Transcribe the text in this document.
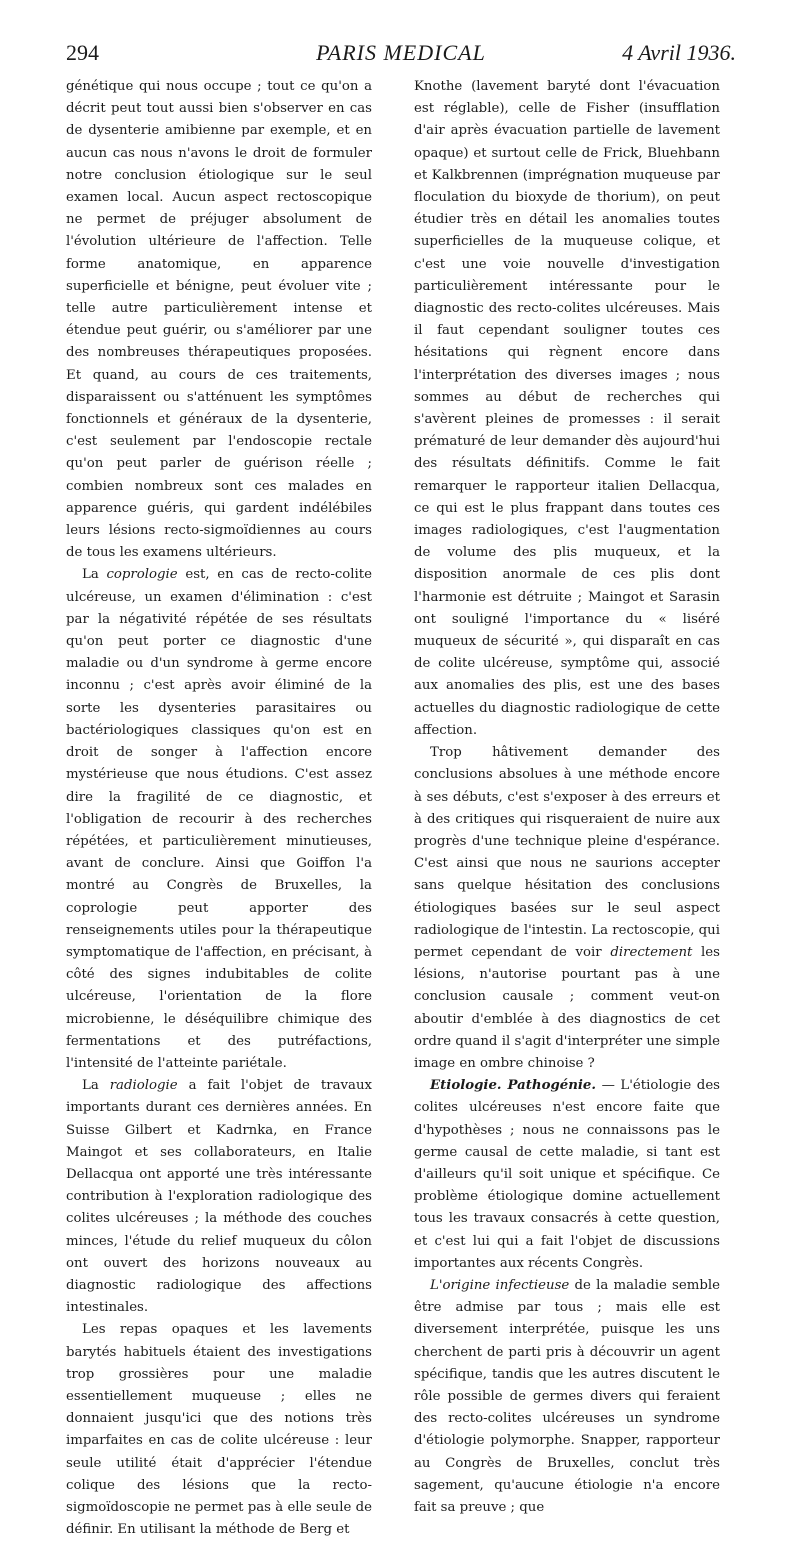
294	PARIS MEDICAL	4 Avril 1936.

génétique qui nous occupe ; tout ce qu'on a décrit peut tout aussi bien s'observer en cas de dysenterie amibienne par exemple, et en aucun cas nous n'avons le droit de formuler notre conclusion étiologique sur le seul examen local. Aucun aspect rectoscopique ne permet de préjuger absolument de l'évolution ultérieure de l'affection. Telle forme anatomique, en apparence superficielle et bénigne, peut évoluer vite ; telle autre particulièrement intense et étendue peut guérir, ou s'améliorer par une des nombreuses thérapeutiques proposées. Et quand, au cours de ces traitements, disparaissent ou s'atténuent les symptômes fonctionnels et généraux de la dysenterie, c'est seulement par l'endoscopie rectale qu'on peut parler de guérison réelle ; combien nombreux sont ces malades en apparence guéris, qui gardent indélébiles leurs lésions recto-sigmoïdiennes au cours de tous les examens ultérieurs.

La coprologie est, en cas de recto-colite ulcéreuse, un examen d'élimination : c'est par la négativité répétée de ses résultats qu'on peut porter ce diagnostic d'une maladie ou d'un syndrome à germe encore inconnu ; c'est après avoir éliminé de la sorte les dysenteries parasitaires ou bactériologiques classiques qu'on est en droit de songer à l'affection encore mystérieuse que nous étudions. C'est assez dire la fragilité de ce diagnostic, et l'obligation de recourir à des recherches répétées, et particulièrement minutieuses, avant de conclure. Ainsi que Goiffon l'a montré au Congrès de Bruxelles, la coprologie peut apporter des renseignements utiles pour la thérapeutique symptomatique de l'affection, en précisant, à côté des signes indubitables de colite ulcéreuse, l'orientation de la flore microbienne, le déséquilibre chimique des fermentations et des putréfactions, l'intensité de l'atteinte pariétale.

La radiologie a fait l'objet de travaux importants durant ces dernières années. En Suisse Gilbert et Kadrnka, en France Maingot et ses collaborateurs, en Italie Dellacqua ont apporté une très intéressante contribution à l'exploration radiologique des colites ulcéreuses ; la méthode des couches minces, l'étude du relief muqueux du côlon ont ouvert des horizons nouveaux au diagnostic radiologique des affections intestinales.

Les repas opaques et les lavements barytés habituels étaient des investigations trop grossières pour une maladie essentiellement muqueuse ; elles ne donnaient jusqu'ici que des notions très imparfaites en cas de colite ulcéreuse : leur seule utilité était d'apprécier l'étendue colique des lésions que la recto-sigmoïdoscopie ne permet pas à elle seule de définir. En utilisant la méthode de Berg et

Knothe (lavement baryté dont l'évacuation est réglable), celle de Fisher (insufflation d'air après évacuation partielle de lavement opaque) et surtout celle de Frick, Bluehbann et Kalkbrennen (imprégnation muqueuse par floculation du bioxyde de thorium), on peut étudier très en détail les anomalies toutes superficielles de la muqueuse colique, et c'est une voie nouvelle d'investigation particulièrement intéressante pour le diagnostic des recto-colites ulcéreuses. Mais il faut cependant souligner toutes ces hésitations qui règnent encore dans l'interprétation des diverses images ; nous sommes au début de recherches qui s'avèrent pleines de promesses : il serait prématuré de leur demander dès aujourd'hui des résultats définitifs. Comme le fait remarquer le rapporteur italien Dellacqua, ce qui est le plus frappant dans toutes ces images radiologiques, c'est l'augmentation de volume des plis muqueux, et la disposition anormale de ces plis dont l'harmonie est détruite ; Maingot et Sarasin ont souligné l'importance du « liséré muqueux de sécurité », qui disparaît en cas de colite ulcéreuse, symptôme qui, associé aux anomalies des plis, est une des bases actuelles du diagnostic radiologique de cette affection.

Trop hâtivement demander des conclusions absolues à une méthode encore à ses débuts, c'est s'exposer à des erreurs et à des critiques qui risqueraient de nuire aux progrès d'une technique pleine d'espérance. C'est ainsi que nous ne saurions accepter sans quelque hésitation des conclusions étiologiques basées sur le seul aspect radiologique de l'intestin. La rectoscopie, qui permet cependant de voir directement les lésions, n'autorise pourtant pas à une conclusion causale ; comment veut-on aboutir d'emblée à des diagnostics de cet ordre quand il s'agit d'interpréter une simple image en ombre chinoise ?

Etiologie. Pathogénie. — L'étiologie des colites ulcéreuses n'est encore faite que d'hypothèses ; nous ne connaissons pas le germe causal de cette maladie, si tant est d'ailleurs qu'il soit unique et spécifique. Ce problème étiologique domine actuellement tous les travaux consacrés à cette question, et c'est lui qui a fait l'objet de discussions importantes aux récents Congrès.

L'origine infectieuse de la maladie semble être admise par tous ; mais elle est diversement interprétée, puisque les uns cherchent de parti pris à découvrir un agent spécifique, tandis que les autres discutent le rôle possible de germes divers qui feraient des recto-colites ulcéreuses un syndrome d'étiologie polymorphe. Snapper, rapporteur au Congrès de Bruxelles, conclut très sagement, qu'aucune étiologie n'a encore fait sa preuve ; que
